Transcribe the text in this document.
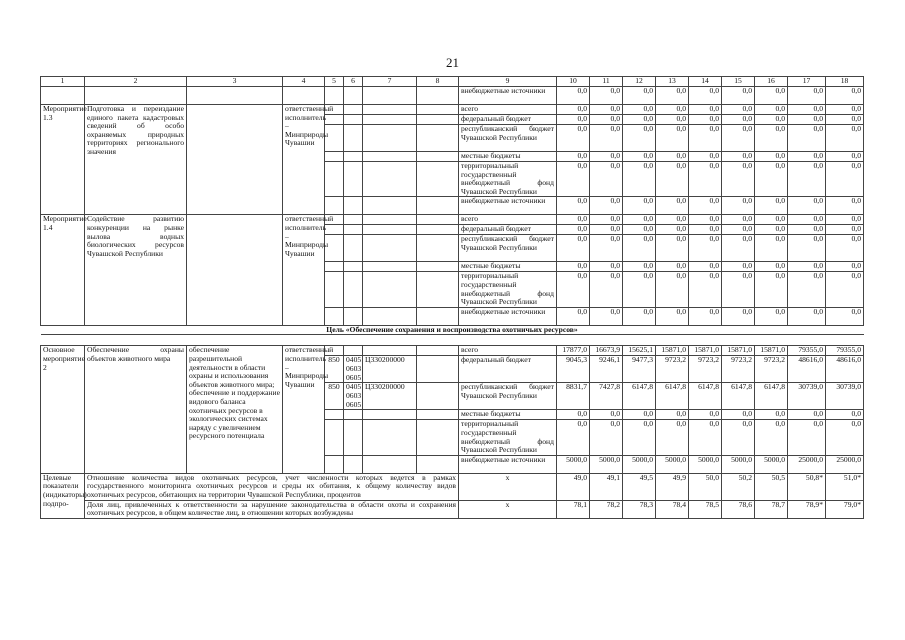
21
1	2	3	4	5	6	7	8	9	10	11	12	13	14	15	16	17	18
								внебюджетные источники	0,0	0,0	0,0	0,0	0,0	0,0	0,0	0,0	0,0
Мероприятие 1.3	Подготовка и переиздание единого пакета кадастровых сведений об особо охраняемых природных территориях регионального значения		ответственный исполнитель – Минприроды Чувашии					всего	0,0	0,0	0,0	0,0	0,0	0,0	0,0	0,0	0,0
								федеральный бюджет	0,0	0,0	0,0	0,0	0,0	0,0	0,0	0,0	0,0
								республиканский бюджет Чувашской Республики	0,0	0,0	0,0	0,0	0,0	0,0	0,0	0,0	0,0
								местные бюджеты	0,0	0,0	0,0	0,0	0,0	0,0	0,0	0,0	0,0
								территориальный государственный внебюджетный фонд Чувашской Республики	0,0	0,0	0,0	0,0	0,0	0,0	0,0	0,0	0,0
								внебюджетные источники	0,0	0,0	0,0	0,0	0,0	0,0	0,0	0,0	0,0
Мероприятие 1.4	Содействие развитию конкуренции на рынке вылова водных биологических ресурсов Чувашской Республики		ответственный исполнитель – Минприроды Чувашии					всего	0,0	0,0	0,0	0,0	0,0	0,0	0,0	0,0	0,0
								федеральный бюджет	0,0	0,0	0,0	0,0	0,0	0,0	0,0	0,0	0,0
								республиканский бюджет Чувашской Республики	0,0	0,0	0,0	0,0	0,0	0,0	0,0	0,0	0,0
								местные бюджеты	0,0	0,0	0,0	0,0	0,0	0,0	0,0	0,0	0,0
								территориальный государственный внебюджетный фонд Чувашской Республики	0,0	0,0	0,0	0,0	0,0	0,0	0,0	0,0	0,0
								внебюджетные источники	0,0	0,0	0,0	0,0	0,0	0,0	0,0	0,0	0,0
Цель «Обеспечение сохранения и воспроизводства охотничьих ресурсов»																	

Основное мероприятие 2	Обеспечение охраны объектов животного мира	обеспечение разрешительной деятельности в области охраны и использования объектов животного мира; обеспечение и поддержание видового баланса охотничьих ресурсов в экологических системах наряду с увеличением ресурсного потенциала	ответственный исполнитель – Минприроды Чувашии					всего	17877,0	16673,9	15625,1	15871,0	15871,0	15871,0	15871,0	79355,0	79355,0
				850	0405 0603 0605	Ц330200000		федеральный бюджет	9045,3	9246,1	9477,3	9723,2	9723,2	9723,2	9723,2	48616,0	48616,0
				850	0405 0603 0605	Ц330200000		республиканский бюджет Чувашской Республики	8831,7	7427,8	6147,8	6147,8	6147,8	6147,8	6147,8	30739,0	30739,0
								местные бюджеты	0,0	0,0	0,0	0,0	0,0	0,0	0,0	0,0	0,0
								территориальный государственный внебюджетный фонд Чувашской Республики	0,0	0,0	0,0	0,0	0,0	0,0	0,0	0,0	0,0
								внебюджетные источники	5000,0	5000,0	5000,0	5000,0	5000,0	5000,0	5000,0	25000,0	25000,0
Целевые показатели (индикаторы) подпро-	Отношение количества видов охотничьих ресурсов, учет численности которых ведется в рамках государственного мониторинга охотничьих ресурсов и среды их обитания, к общему количеству видов охотничьих ресурсов, обитающих на территории Чувашской Республики, процентов							x	49,0	49,1	49,5	49,9	50,0	50,2	50,5	50,8*	51,0*
	Доля лиц, привлеченных к ответственности за нарушение законодательства в области охоты и сохранения охотничьих ресурсов, в общем количестве лиц, в отношении которых возбуждены							x	78,1	78,2	78,3	78,4	78,5	78,6	78,7	78,9*	79,0*
